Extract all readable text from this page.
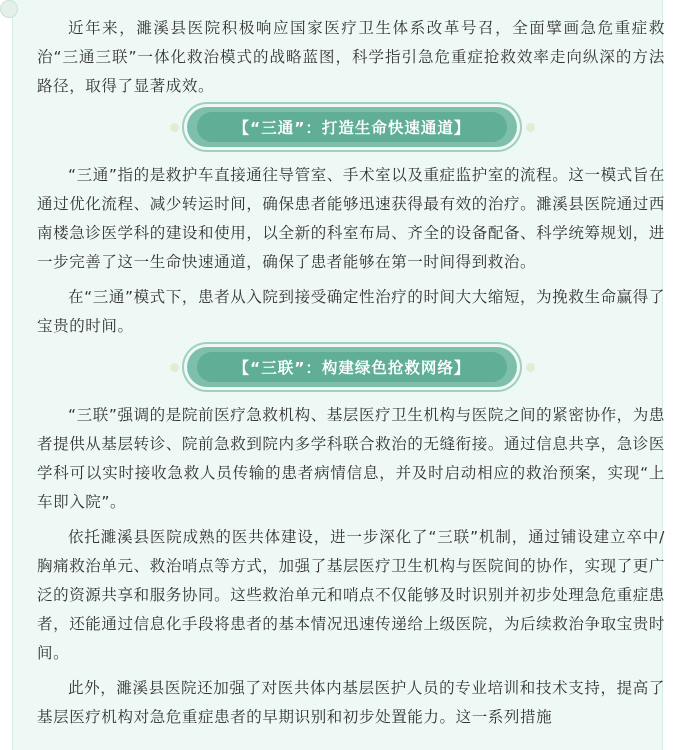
近年来，濉溪县医院积极响应国家医疗卫生体系改革号召，全面擘画急危重症救治“三通三联”一体化救治模式的战略蓝图，科学指引急危重症抢救效率走向纵深的方法路径，取得了显著成效。

【“三通”：打造生命快速通道】

“三通”指的是救护车直接通往导管室、手术室以及重症监护室的流程。这一模式旨在通过优化流程、减少转运时间，确保患者能够迅速获得最有效的治疗。濉溪县医院通过西南楼急诊医学科的建设和使用，以全新的科室布局、齐全的设备配备、科学统筹规划，进一步完善了这一生命快速通道，确保了患者能够在第一时间得到救治。

在“三通”模式下，患者从入院到接受确定性治疗的时间大大缩短，为挽救生命赢得了宝贵的时间。

【“三联”：构建绿色抢救网络】

“三联”强调的是院前医疗急救机构、基层医疗卫生机构与医院之间的紧密协作，为患者提供从基层转诊、院前急救到院内多学科联合救治的无缝衔接。通过信息共享，急诊医学科可以实时接收急救人员传输的患者病情信息，并及时启动相应的救治预案，实现“上车即入院”。

依托濉溪县医院成熟的医共体建设，进一步深化了“三联”机制，通过铺设建立卒中/胸痛救治单元、救治哨点等方式，加强了基层医疗卫生机构与医院间的协作，实现了更广泛的资源共享和服务协同。这些救治单元和哨点不仅能够及时识别并初步处理急危重症患者，还能通过信息化手段将患者的基本情况迅速传递给上级医院，为后续救治争取宝贵时间。

此外，濉溪县医院还加强了对医共体内基层医护人员的专业培训和技术支持，提高了基层医疗机构对急危重症患者的早期识别和初步处置能力。这一系列措施
